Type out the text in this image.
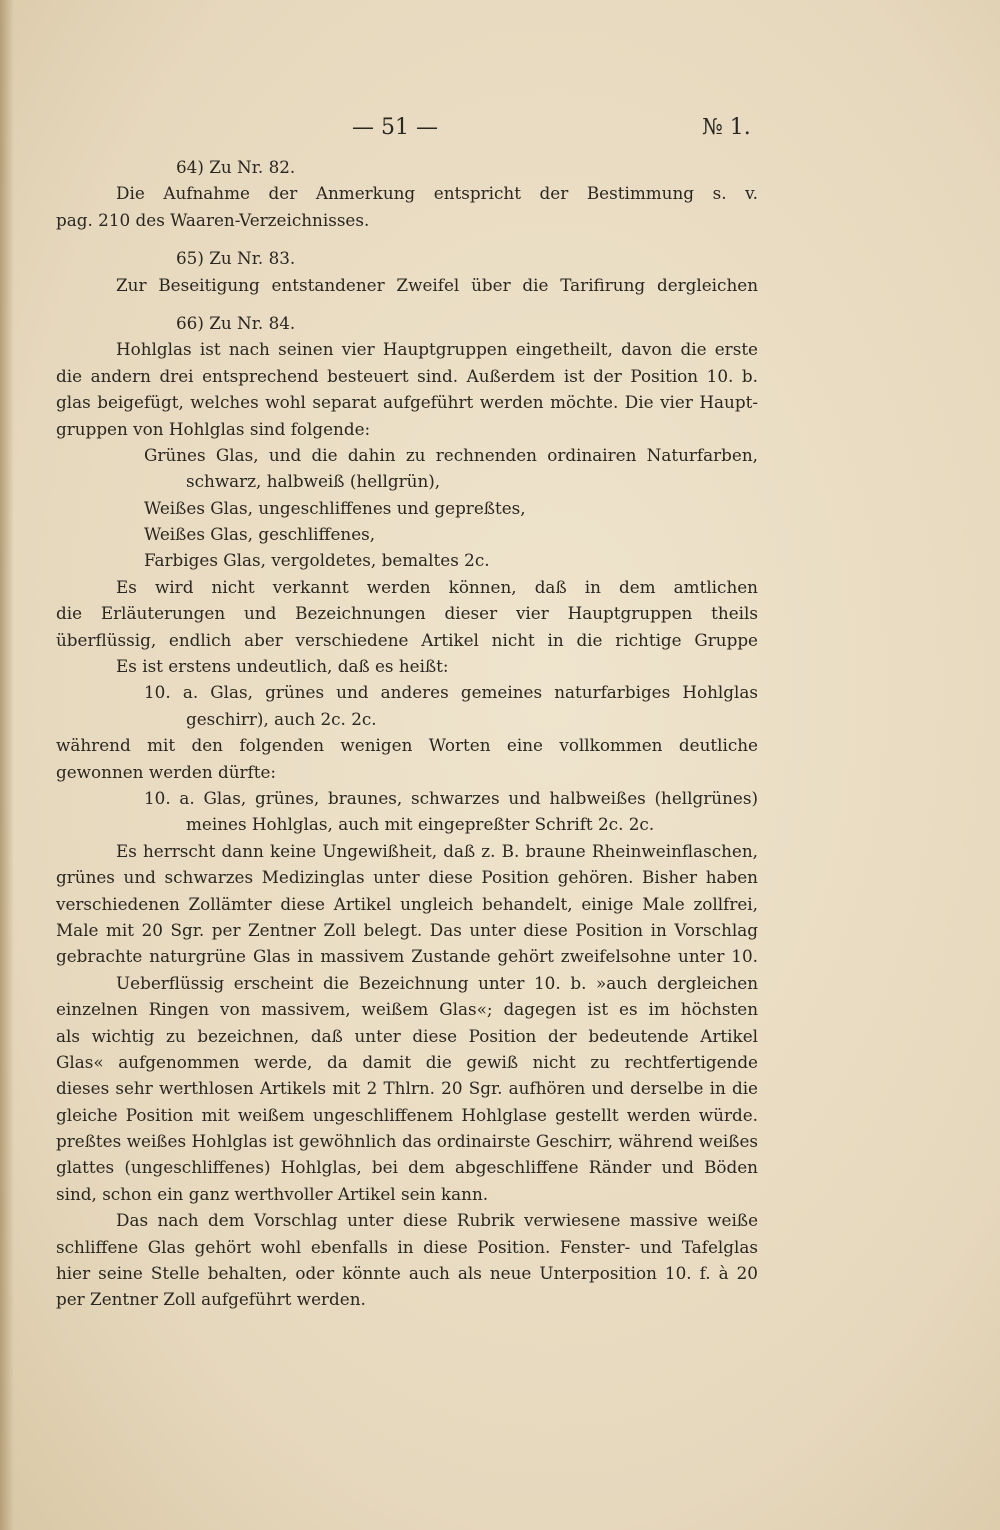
— 51 —	№ 1.
64) Zu Nr. 82.
Die Aufnahme der Anmerkung entspricht der Bestimmung s. v.
pag. 210 des Waaren-Verzeichnisses.
65) Zu Nr. 83.
Zur Beseitigung entstandener Zweifel über die Tarifirung dergleichen
66) Zu Nr. 84.
Hohlglas ist nach seinen vier Hauptgruppen eingetheilt, davon die erste
die andern drei entsprechend besteuert sind. Außerdem ist der Position 10. b.
glas beigefügt, welches wohl separat aufgeführt werden möchte. Die vier Haupt-
gruppen von Hohlglas sind folgende:
Grünes Glas, und die dahin zu rechnenden ordinairen Naturfarben,
schwarz, halbweiß (hellgrün),
Weißes Glas, ungeschliffenes und gepreßtes,
Weißes Glas, geschliffenes,
Farbiges Glas, vergoldetes, bemaltes 2c.
Es wird nicht verkannt werden können, daß in dem amtlichen
die Erläuterungen und Bezeichnungen dieser vier Hauptgruppen theils
überflüssig, endlich aber verschiedene Artikel nicht in die richtige Gruppe
Es ist erstens undeutlich, daß es heißt:
10. a. Glas, grünes und anderes gemeines naturfarbiges Hohlglas
geschirr), auch 2c. 2c.
während mit den folgenden wenigen Worten eine vollkommen deutliche
gewonnen werden dürfte:
10. a. Glas, grünes, braunes, schwarzes und halbweißes (hellgrünes)
meines Hohlglas, auch mit eingepreßter Schrift 2c. 2c.
Es herrscht dann keine Ungewißheit, daß z. B. braune Rheinweinflaschen,
grünes und schwarzes Medizinglas unter diese Position gehören. Bisher haben
verschiedenen Zollämter diese Artikel ungleich behandelt, einige Male zollfrei,
Male mit 20 Sgr. per Zentner Zoll belegt. Das unter diese Position in Vorschlag
gebrachte naturgrüne Glas in massivem Zustande gehört zweifelsohne unter 10.
Ueberflüssig erscheint die Bezeichnung unter 10. b. »auch dergleichen
einzelnen Ringen von massivem, weißem Glas«; dagegen ist es im höchsten
als wichtig zu bezeichnen, daß unter diese Position der bedeutende Artikel
Glas« aufgenommen werde, da damit die gewiß nicht zu rechtfertigende
dieses sehr werthlosen Artikels mit 2 Thlrn. 20 Sgr. aufhören und derselbe in die
gleiche Position mit weißem ungeschliffenem Hohlglase gestellt werden würde.
preßtes weißes Hohlglas ist gewöhnlich das ordinairste Geschirr, während weißes
glattes (ungeschliffenes) Hohlglas, bei dem abgeschliffene Ränder und Böden
sind, schon ein ganz werthvoller Artikel sein kann.
Das nach dem Vorschlag unter diese Rubrik verwiesene massive weiße
schliffene Glas gehört wohl ebenfalls in diese Position. Fenster- und Tafelglas
hier seine Stelle behalten, oder könnte auch als neue Unterposition 10. f. à 20
per Zentner Zoll aufgeführt werden.
